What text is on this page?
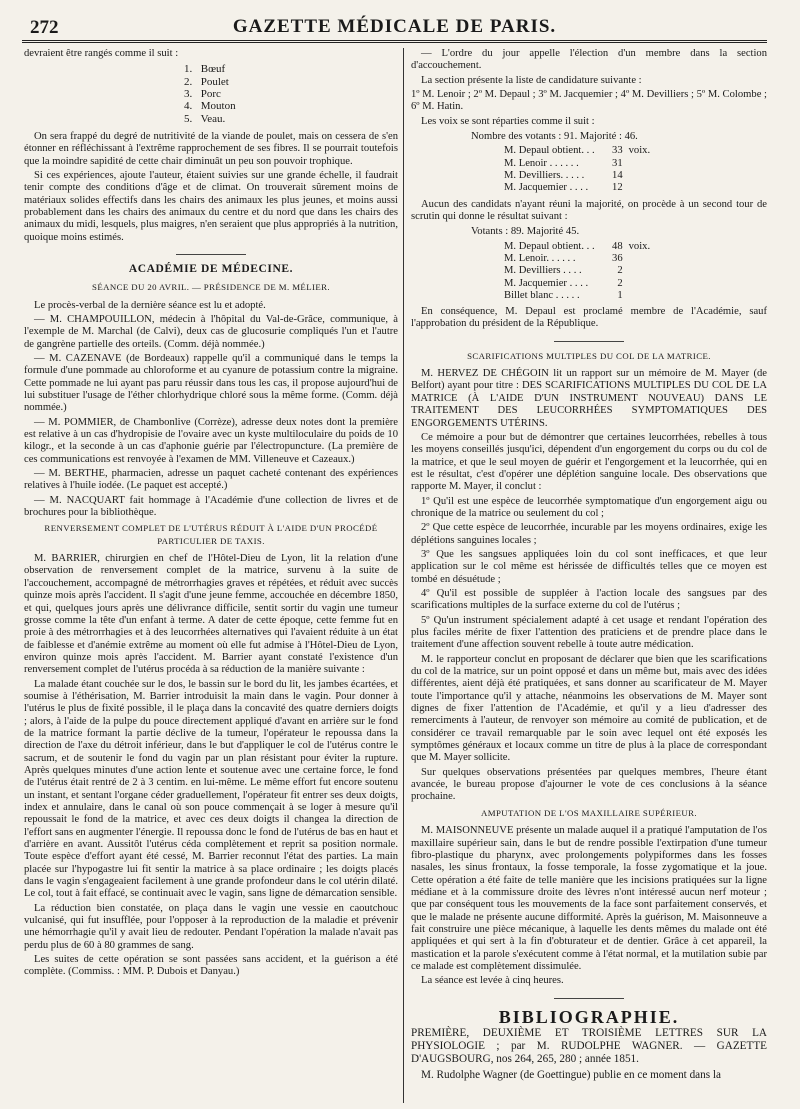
272	GAZETTE MÉDICALE DE PARIS.

devraient être rangés comme il suit :

1. Bœuf
2. Poulet
3. Porc
4. Mouton
5. Veau.

On sera frappé du degré de nutritivité de la viande de poulet, mais on cessera de s'en étonner en réfléchissant à l'extrême rapprochement de ses fibres. Il se pourrait toutefois que la moindre sapidité de cette chair diminuât un peu son pouvoir trophique.

Si ces expériences, ajoute l'auteur, étaient suivies sur une grande échelle, il faudrait tenir compte des conditions d'âge et de climat. On trouverait sûrement moins de matériaux solides effectifs dans les chairs des animaux les plus jeunes, et moins aussi probablement dans les chairs des animaux du centre et du nord que dans les chairs des animaux du midi, lesquels, plus maigres, n'en seraient que plus appropriés à la nutrition, quoique moins estimés.

ACADÉMIE DE MÉDECINE.
SÉANCE DU 20 AVRIL. — PRÉSIDENCE DE M. MÉLIER.

Le procès-verbal de la dernière séance est lu et adopté.

— M. CHAMPOUILLON, médecin à l'hôpital du Val-de-Grâce, communique, à l'exemple de M. Marchal (de Calvi), deux cas de glucosurie compliqués l'un et l'autre de gangrène partielle des orteils. (Comm. déjà nommée.)

— M. CAZENAVE (de Bordeaux) rappelle qu'il a communiqué dans le temps la formule d'une pommade au chloroforme et au cyanure de potassium contre la migraine. Cette pommade ne lui ayant pas paru réussir dans tous les cas, il propose aujourd'hui de lui substituer l'usage de l'éther chlorhydrique chloré sous la même forme. (Comm. déjà nommée.)

— M. POMMIER, de Chambonlive (Corrèze), adresse deux notes dont la première est relative à un cas d'hydropisie de l'ovaire avec un kyste multiloculaire du poids de 10 kilogr., et la seconde à un cas d'aphonie guérie par l'électropuncture. (La première de ces communications est renvoyée à l'examen de MM. Villeneuve et Cazeaux.)

— M. BERTHE, pharmacien, adresse un paquet cacheté contenant des expériences relatives à l'huile iodée. (Le paquet est accepté.)

— M. NACQUART fait hommage à l'Académie d'une collection de livres et de brochures pour la bibliothèque.

RENVERSEMENT COMPLET DE L'UTÉRUS RÉDUIT À L'AIDE D'UN PROCÉDÉ PARTICULIER DE TAXIS.

M. BARRIER, chirurgien en chef de l'Hôtel-Dieu de Lyon, lit la relation d'une observation de renversement complet de la matrice, survenu à la suite de l'accouchement, accompagné de métrorrhagies graves et répétées, et réduit avec succès quinze mois après l'accident. Il s'agit d'une jeune femme, accouchée en décembre 1850, et qui, quelques jours après une délivrance difficile, sentit sortir du vagin une tumeur grosse comme la tête d'un enfant à terme. A dater de cette époque, cette femme fut en proie à des métrorrhagies et à des leucorrhées alternatives qui l'avaient réduite à un état de faiblesse et d'anémie extrême au moment où elle fut admise à l'Hôtel-Dieu de Lyon, environ quinze mois après l'accident. M. Barrier ayant constaté l'existence d'un renversement complet de l'utérus procéda à sa réduction de la manière suivante :

La malade étant couchée sur le dos, le bassin sur le bord du lit, les jambes écartées, et soumise à l'éthérisation, M. Barrier introduisit la main dans le vagin. Pour donner à l'utérus le plus de fixité possible, il le plaça dans la concavité des quatre derniers doigts ; alors, à l'aide de la pulpe du pouce directement appliqué d'avant en arrière sur le fond de la matrice formant la partie déclive de la tumeur, l'opérateur le repoussa dans la direction de l'axe du détroit inférieur, dans le but d'appliquer le col de l'utérus contre le sacrum, et de soutenir le fond du vagin par un plan résistant pour éviter la rupture. Après quelques minutes d'une action lente et soutenue avec une certaine force, le fond de l'utérus était rentré de 2 à 3 centim. en lui-même. Le même effort fut encore soutenu un instant, et sentant l'organe céder graduellement, l'opérateur fit entrer ses deux doigts, index et annulaire, dans le canal où son pouce commençait à se loger à mesure qu'il repoussait le fond de la matrice, et avec ces deux doigts il changea la direction de l'effort sans en augmenter l'énergie. Il repoussa donc le fond de l'utérus de bas en haut et d'arrière en avant. Aussitôt l'utérus céda complètement et reprit sa position normale. Toute espèce d'effort ayant été cessé, M. Barrier reconnut l'état des parties. La main placée sur l'hypogastre lui fit sentir la matrice à sa place ordinaire ; les doigts placés dans le vagin s'engageaient facilement à une grande profondeur dans le col utérin dilaté. Le col, tout à fait effacé, se continuait avec le vagin, sans ligne de démarcation sensible.

La réduction bien constatée, on plaça dans le vagin une vessie en caoutchouc vulcanisé, qui fut insufflée, pour l'opposer à la reproduction de la maladie et prévenir une hémorrhagie qu'il y avait lieu de redouter. Pendant l'opération la malade n'avait pas perdu plus de 60 à 80 grammes de sang.

Les suites de cette opération se sont passées sans accident, et la guérison a été complète. (Commiss. : MM. P. Dubois et Danyau.)

— L'ordre du jour appelle l'élection d'un membre dans la section d'accouchement.

La section présente la liste de candidature suivante :

1º M. Lenoir ; 2º M. Depaul ; 3º M. Jacquemier ; 4º M. Devilliers ; 5º M. Colombe ; 6º M. Hatin.

Les voix se sont réparties comme il suit :

Nombre des votants : 91. Majorité : 46.
M. Depaul obtient. . .	33	voix.
M. Lenoir . . . . . .	31	
M. Devilliers. . . . .	14	
M. Jacquemier . . . .	12	

Aucun des candidats n'ayant réuni la majorité, on procède à un second tour de scrutin qui donne le résultat suivant :

Votants : 89. Majorité 45.
M. Depaul obtient. . .	48	voix.
M. Lenoir. . . . . .	36	
M. Devilliers . . . .	2	
M. Jacquemier . . . .	2	
Billet blanc . . . . .	1	

En conséquence, M. Depaul est proclamé membre de l'Académie, sauf l'approbation du président de la République.

SCARIFICATIONS MULTIPLES DU COL DE LA MATRICE.

M. HERVEZ DE CHÉGOIN lit un rapport sur un mémoire de M. Mayer (de Belfort) ayant pour titre : DES SCARIFICATIONS MULTIPLES DU COL DE LA MATRICE (À L'AIDE D'UN INSTRUMENT NOUVEAU) DANS LE TRAITEMENT DES LEUCORRHÉES SYMPTOMATIQUES DES ENGORGEMENTS UTÉRINS.

Ce mémoire a pour but de démontrer que certaines leucorrhées, rebelles à tous les moyens conseillés jusqu'ici, dépendent d'un engorgement du corps ou du col de la matrice, et que le seul moyen de guérir et l'engorgement et la leucorrhée, qui en est le résultat, c'est d'opérer une déplétion sanguine locale. Des observations que rapporte M. Mayer, il conclut :

1º Qu'il est une espèce de leucorrhée symptomatique d'un engorgement aigu ou chronique de la matrice ou seulement du col ;

2º Que cette espèce de leucorrhée, incurable par les moyens ordinaires, exige les déplétions sanguines locales ;

3º Que les sangsues appliquées loin du col sont inefficaces, et que leur application sur le col même est hérissée de difficultés telles que ce moyen est tombé en désuétude ;

4º Qu'il est possible de suppléer à l'action locale des sangsues par des scarifications multiples de la surface externe du col de l'utérus ;

5º Qu'un instrument spécialement adapté à cet usage et rendant l'opération des plus faciles mérite de fixer l'attention des praticiens et de prendre place dans le traitement d'une affection souvent rebelle à toute autre médication.

M. le rapporteur conclut en proposant de déclarer que bien que les scarifications du col de la matrice, sur un point opposé et dans un même but, mais avec des idées différentes, aient déjà été pratiquées, et sans donner au scarificateur de M. Mayer toute l'importance qu'il y attache, néanmoins les observations de M. Mayer sont dignes de fixer l'attention de l'Académie, et qu'il y a lieu d'adresser des remerciments à l'auteur, de renvoyer son mémoire au comité de publication, et de considérer ce travail remarquable par le soin avec lequel ont été exposés les symptômes généraux et locaux comme un titre de plus à la place de correspondant que M. Mayer sollicite.

Sur quelques observations présentées par quelques membres, l'heure étant avancée, le bureau propose d'ajourner le vote de ces conclusions à la séance prochaine.

AMPUTATION DE L'OS MAXILLAIRE SUPÉRIEUR.

M. MAISONNEUVE présente un malade auquel il a pratiqué l'amputation de l'os maxillaire supérieur sain, dans le but de rendre possible l'extirpation d'une tumeur fibro-plastique du pharynx, avec prolongements polypiformes dans les fosses nasales, les sinus frontaux, la fosse temporale, la fosse zygomatique et la joue. Cette opération a été faite de telle manière que les incisions pratiquées sur la ligne médiane et à la commissure droite des lèvres n'ont intéressé aucun nerf moteur ; que par conséquent tous les mouvements de la face sont parfaitement conservés, et que le malade ne présente aucune difformité. Après la guérison, M. Maisonneuve a fait construire une pièce mécanique, à laquelle les dents mêmes du malade ont été appliquées et qui sert à la fin d'obturateur et de dentier. Grâce à cet appareil, la mastication et la parole s'exécutent comme à l'état normal, et la mutilation subie par ce malade est complètement dissimulée.

La séance est levée à cinq heures.

BIBLIOGRAPHIE.

PREMIÈRE, DEUXIÈME ET TROISIÈME LETTRES SUR LA PHYSIOLOGIE ; par M. RUDOLPHE WAGNER. — GAZETTE D'AUGSBOURG, nos 264, 265, 280 ; année 1851.

M. Rudolphe Wagner (de Goettingue) publie en ce moment dans la
